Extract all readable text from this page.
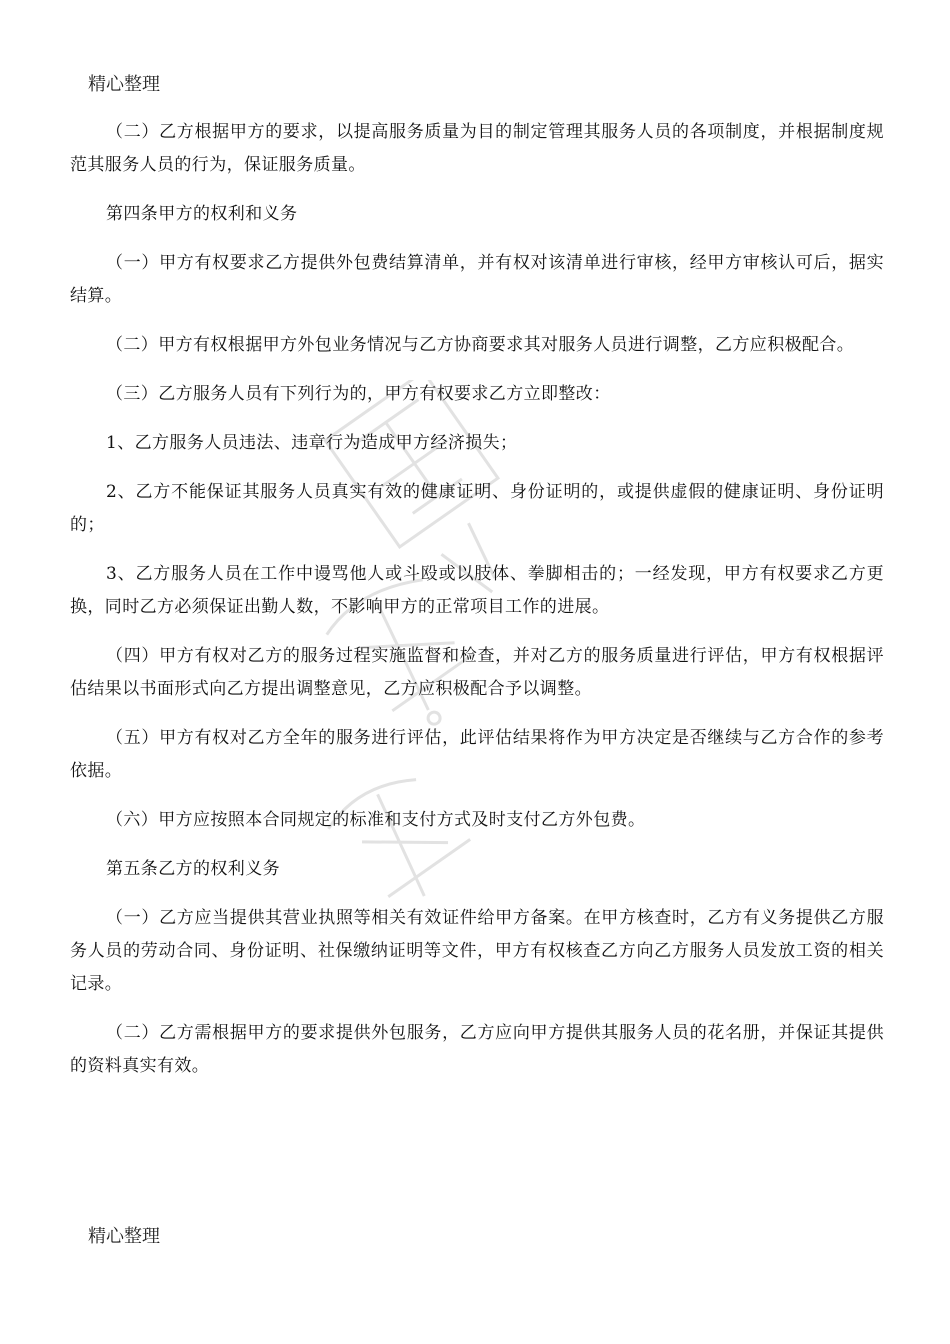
精心整理

（二）乙方根据甲方的要求，以提高服务质量为目的制定管理其服务人员的各项制度，并根据制度规范其服务人员的行为，保证服务质量。

第四条甲方的权利和义务

（一）甲方有权要求乙方提供外包费结算清单，并有权对该清单进行审核，经甲方审核认可后，据实结算。

（二）甲方有权根据甲方外包业务情况与乙方协商要求其对服务人员进行调整，乙方应积极配合。

（三）乙方服务人员有下列行为的，甲方有权要求乙方立即整改：

1、乙方服务人员违法、违章行为造成甲方经济损失；

2、乙方不能保证其服务人员真实有效的健康证明、身份证明的，或提供虚假的健康证明、身份证明的；

3、乙方服务人员在工作中谩骂他人或斗殴或以肢体、拳脚相击的；一经发现，甲方有权要求乙方更换，同时乙方必须保证出勤人数，不影响甲方的正常项目工作的进展。

（四）甲方有权对乙方的服务过程实施监督和检查，并对乙方的服务质量进行评估，甲方有权根据评估结果以书面形式向乙方提出调整意见，乙方应积极配合予以调整。

（五）甲方有权对乙方全年的服务进行评估，此评估结果将作为甲方决定是否继续与乙方合作的参考依据。

（六）甲方应按照本合同规定的标准和支付方式及时支付乙方外包费。

第五条乙方的权利义务

（一）乙方应当提供其营业执照等相关有效证件给甲方备案。在甲方核查时，乙方有义务提供乙方服务人员的劳动合同、身份证明、社保缴纳证明等文件，甲方有权核查乙方向乙方服务人员发放工资的相关记录。

（二）乙方需根据甲方的要求提供外包服务，乙方应向甲方提供其服务人员的花名册，并保证其提供的资料真实有效。

精心整理
